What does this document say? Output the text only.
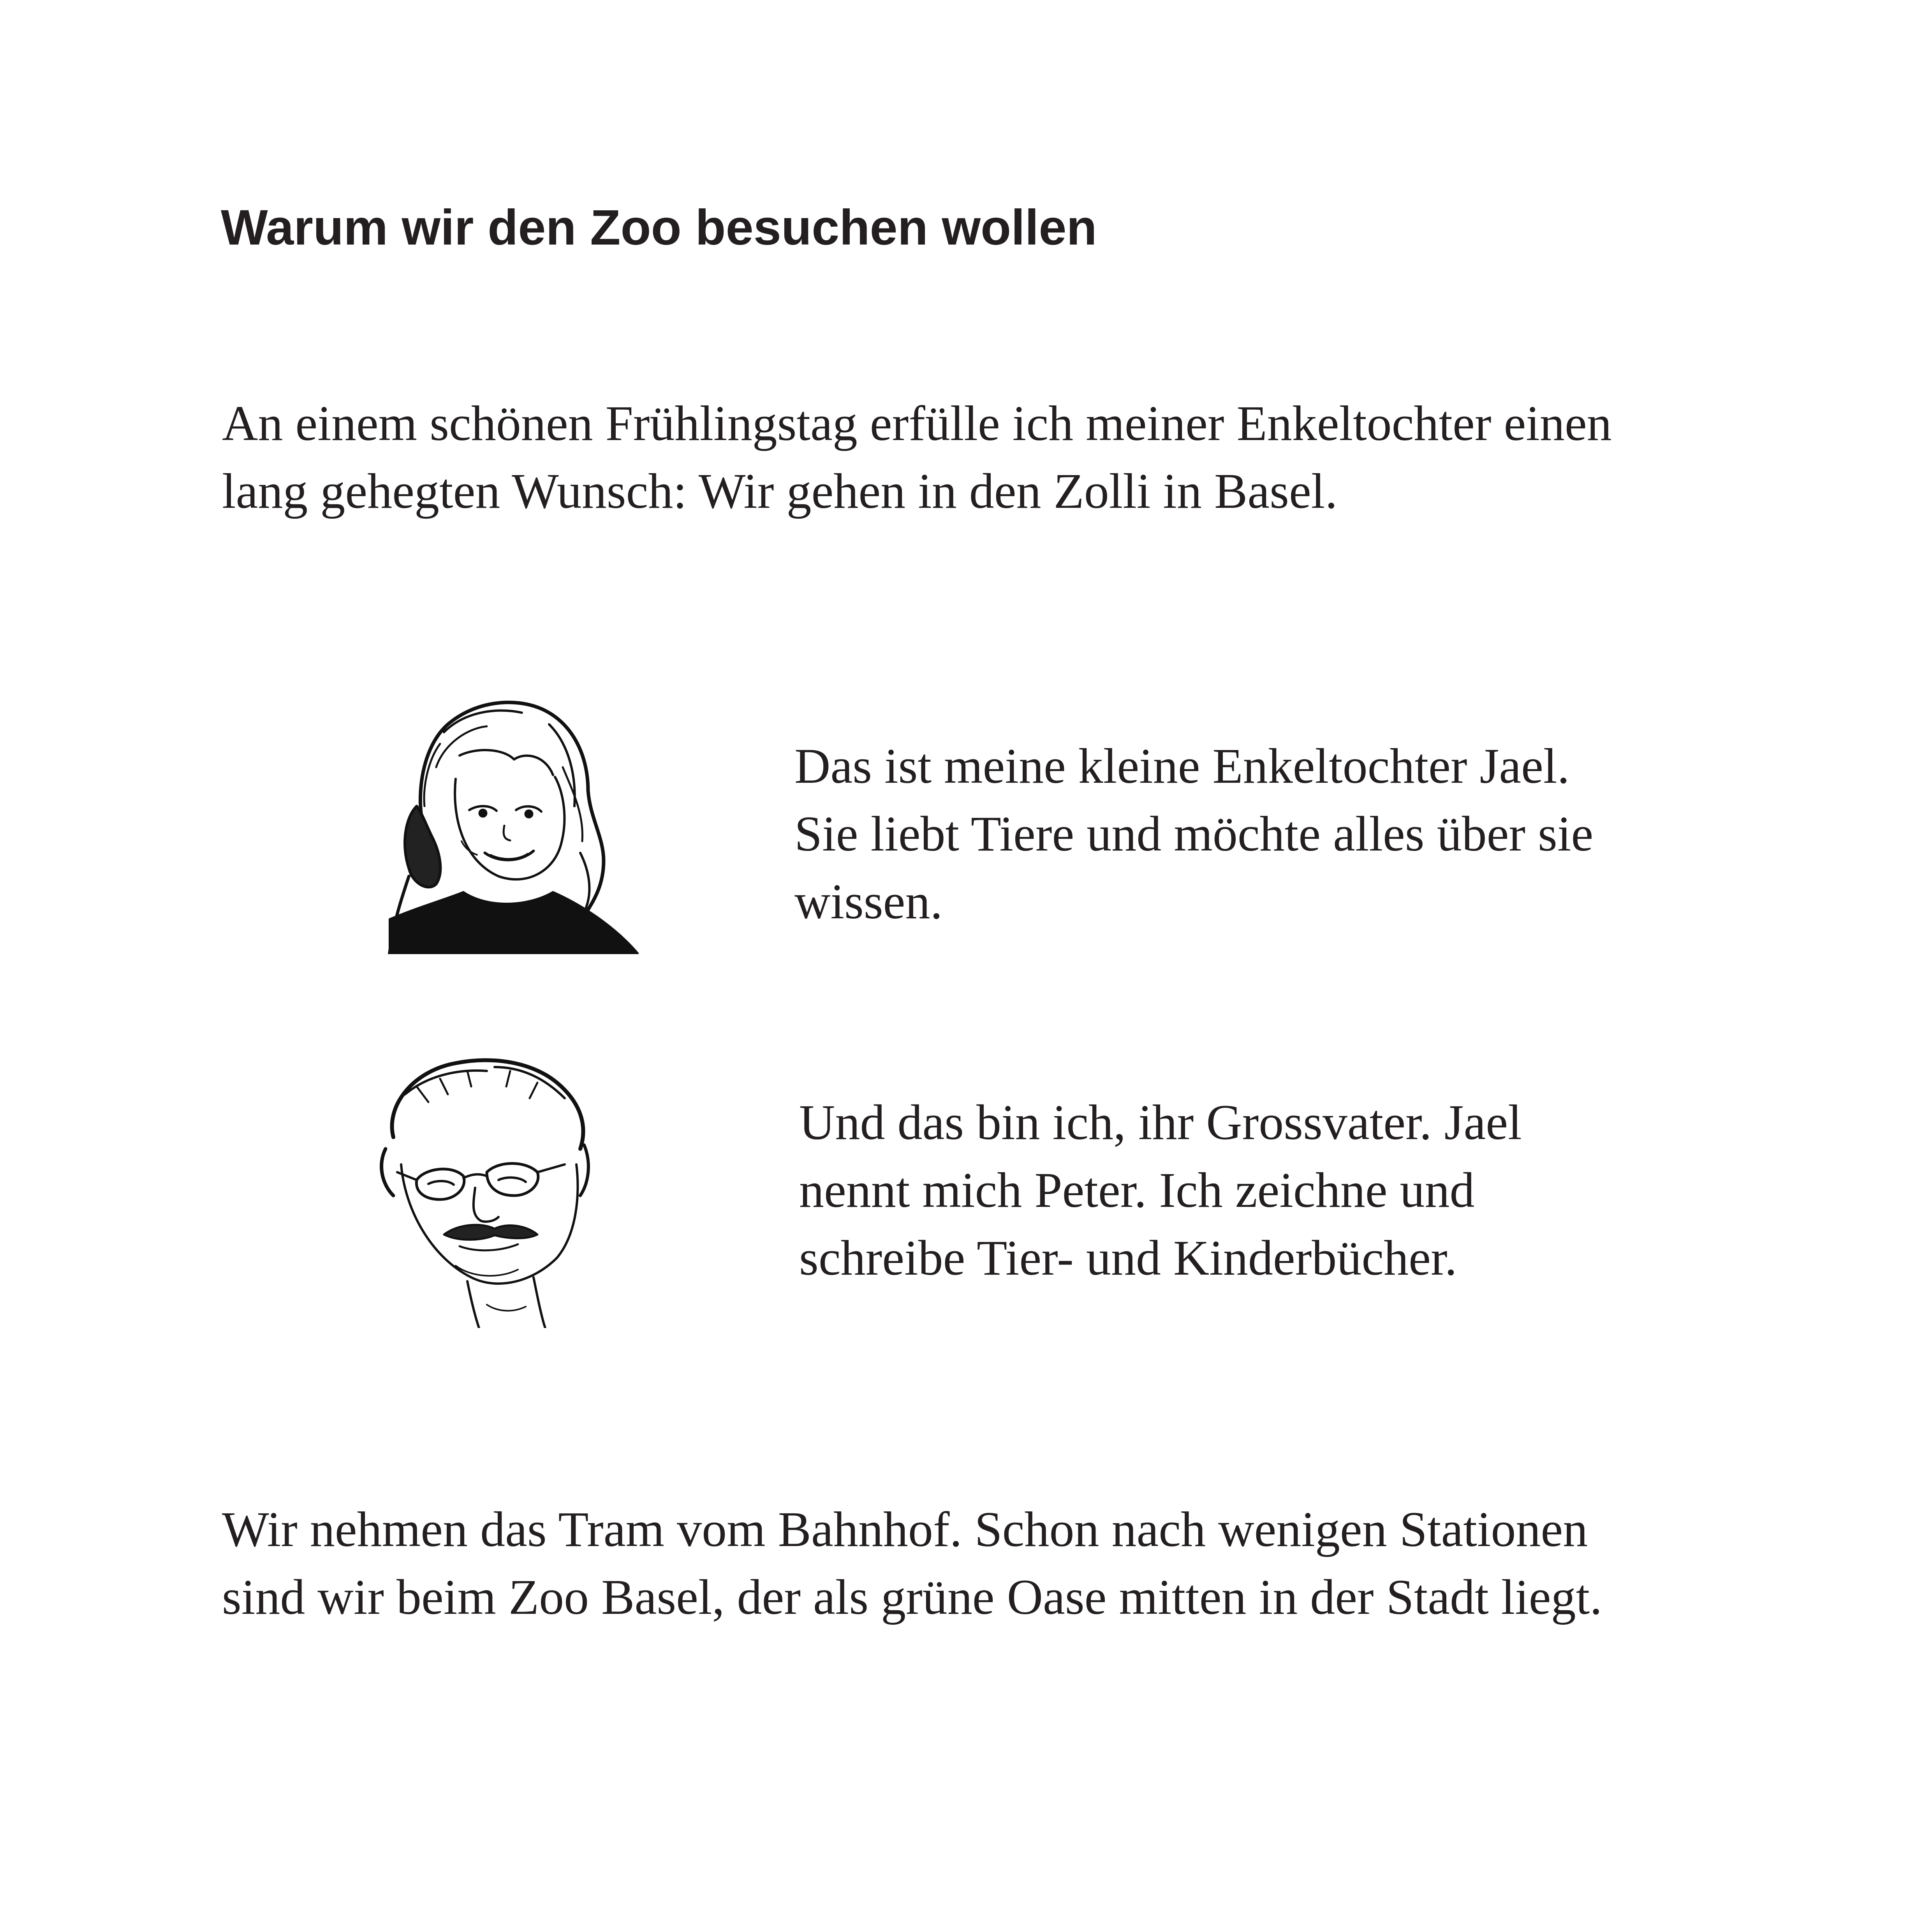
Warum wir den Zoo besuchen wollen
An einem schönen Frühlingstag erfülle ich meiner Enkeltochter einen
lang gehegten Wunsch: Wir gehen in den Zolli in Basel.
Das ist meine kleine Enkeltochter Jael.
Sie liebt Tiere und möchte alles über sie
wissen.
Und das bin ich, ihr Grossvater. Jael
nennt mich Peter. Ich zeichne und
schreibe Tier- und Kinderbücher.
Wir nehmen das Tram vom Bahnhof. Schon nach wenigen Stationen
sind wir beim Zoo Basel, der als grüne Oase mitten in der Stadt liegt.
